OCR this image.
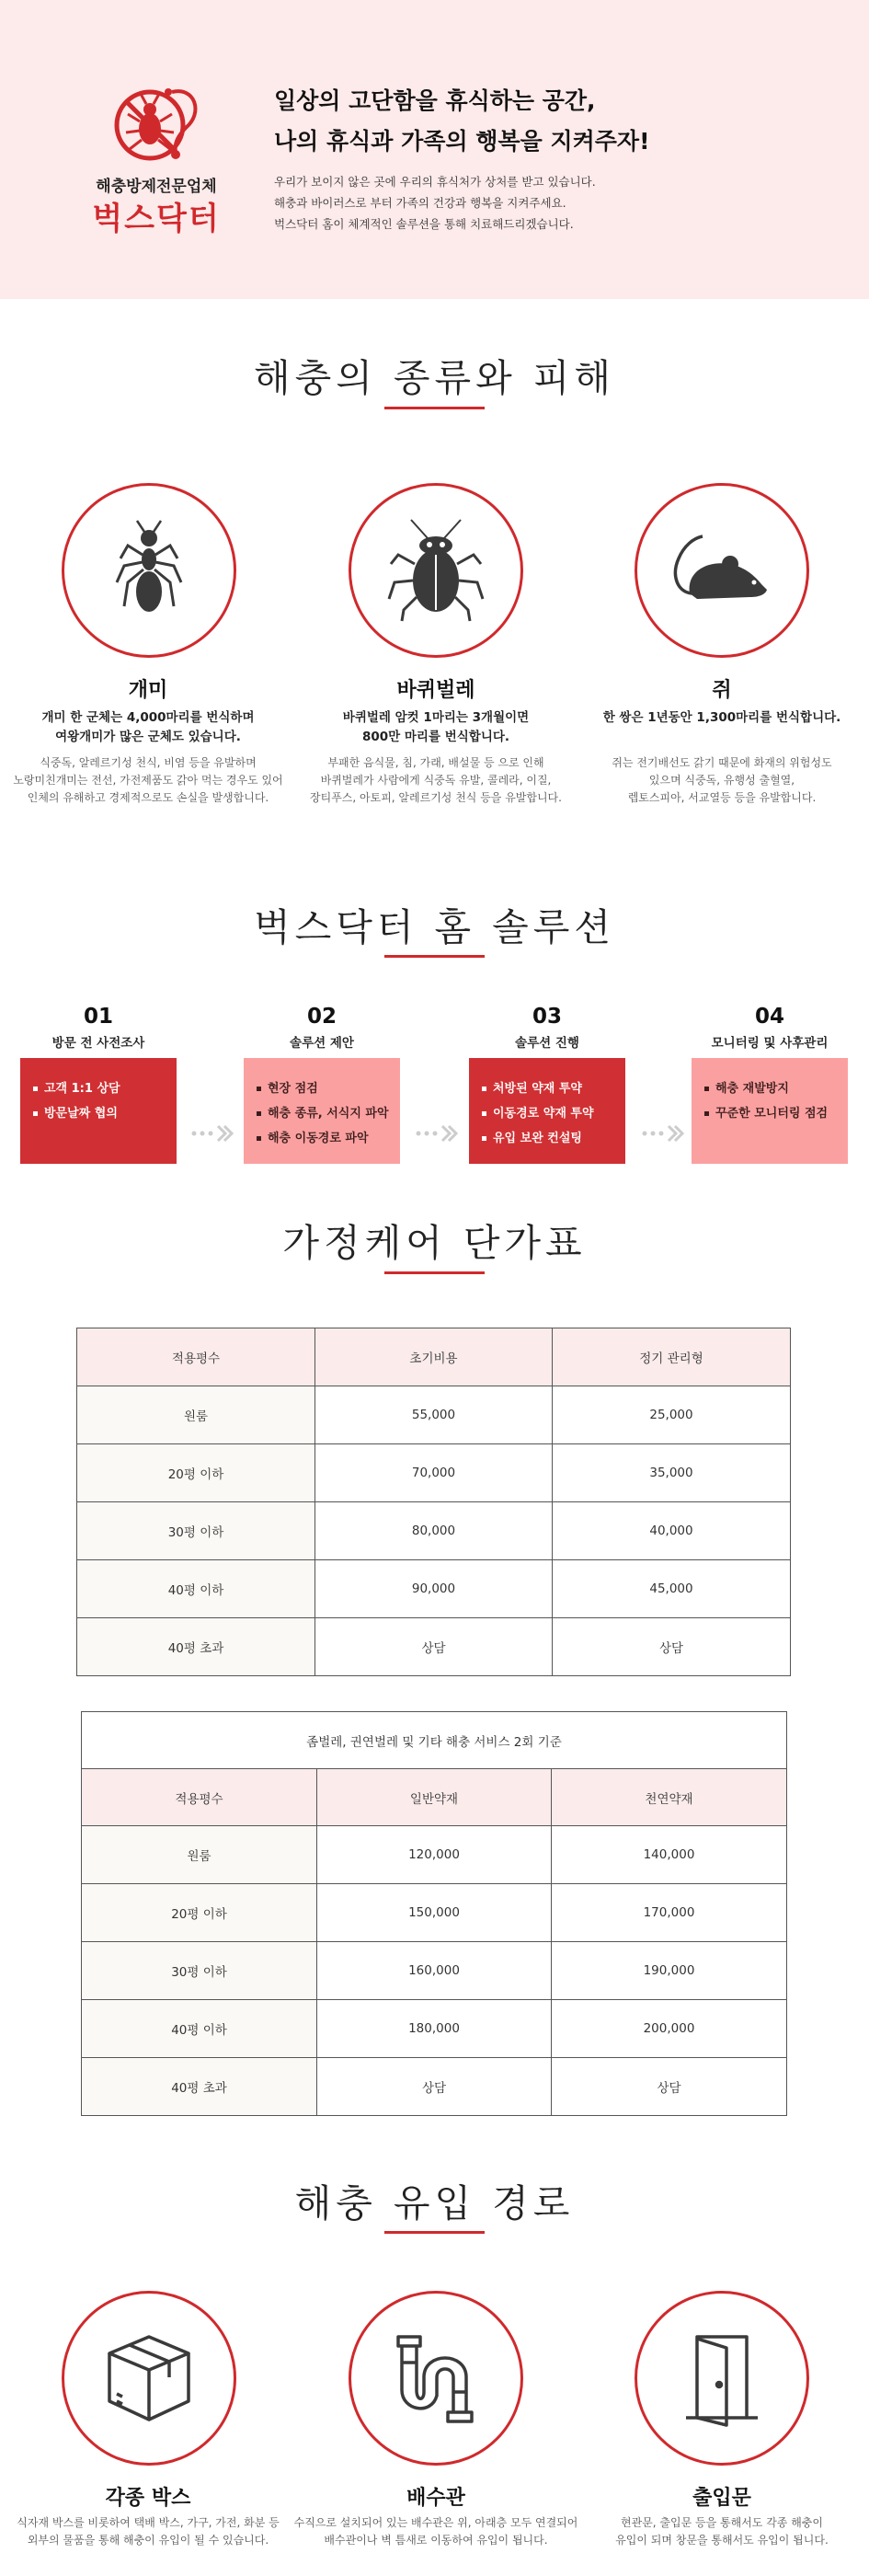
해충방제전문업체
벅스닥터
일상의 고단함을 휴식하는 공간,
나의 휴식과 가족의 행복을 지켜주자!
우리가 보이지 않은 곳에 우리의 휴식처가 상처를 받고 있습니다.
해충과 바이러스로 부터 가족의 건강과 행복을 지켜주세요.
벅스닥터 홈이 체계적인 솔루션을 통해 치료해드리겠습니다.
해충의 종류와 피해
개미
개미 한 군체는 4,000마리를 번식하며
여왕개미가 많은 군체도 있습니다.
식중독, 알레르기성 천식, 비염 등을 유발하며
노랑미친개미는 전선, 가전제품도 갉아 먹는 경우도 있어
인체의 유해하고 경제적으로도 손실을 발생합니다.
바퀴벌레
바퀴벌레 암컷 1마리는 3개월이면
800만 마리를 번식합니다.
부패한 음식물, 침, 가래, 배설물 등 으로 인해
바퀴벌레가 사람에게 식중독 유발, 콜레라, 이질,
장티푸스, 아토피, 알레르기성 천식 등을 유발합니다.
쥐
한 쌍은 1년동안 1,300마리를 번식합니다.
쥐는 전기배선도 갉기 때문에 화재의 위험성도
있으며 식중독, 유행성 출혈열,
렙토스피아, 서교열등 등을 유발합니다.
벅스닥터 홈 솔루션
01
방문 전 사전조사
고객 1:1 상담
방문날짜 협의
02
솔루션 제안
현장 점검
해충 종류, 서식지 파악
해충 이동경로 파악
03
솔루션 진행
처방된 약재 투약
이동경로 약재 투약
유입 보완 컨설팅
04
모니터링 및 사후관리
해충 재발방지
꾸준한 모니터링 점검
가정케어 단가표
적용평수	초기비용	정기 관리형
원룸	55,000	25,000
20평 이하	70,000	35,000
30평 이하	80,000	40,000
40평 이하	90,000	45,000
40평 초과	상담	상담
좀벌레, 권연벌레 및 기타 해충 서비스 2회 기준		
적용평수	일반약재	천연약재
원룸	120,000	140,000
20평 이하	150,000	170,000
30평 이하	160,000	190,000
40평 이하	180,000	200,000
40평 초과	상담	상담
해충 유입 경로
각종 박스
식자재 박스를 비롯하여 택배 박스, 가구, 가전, 화분 등
외부의 물품을 통해 해충이 유입이 될 수 있습니다.
배수관
수직으로 설치되어 있는 배수관은 위, 아래층 모두 연결되어
배수관이나 벽 틈새로 이동하여 유입이 됩니다.
출입문
현관문, 출입문 등을 통해서도 각종 해충이
유입이 되며 창문을 통해서도 유입이 됩니다.
